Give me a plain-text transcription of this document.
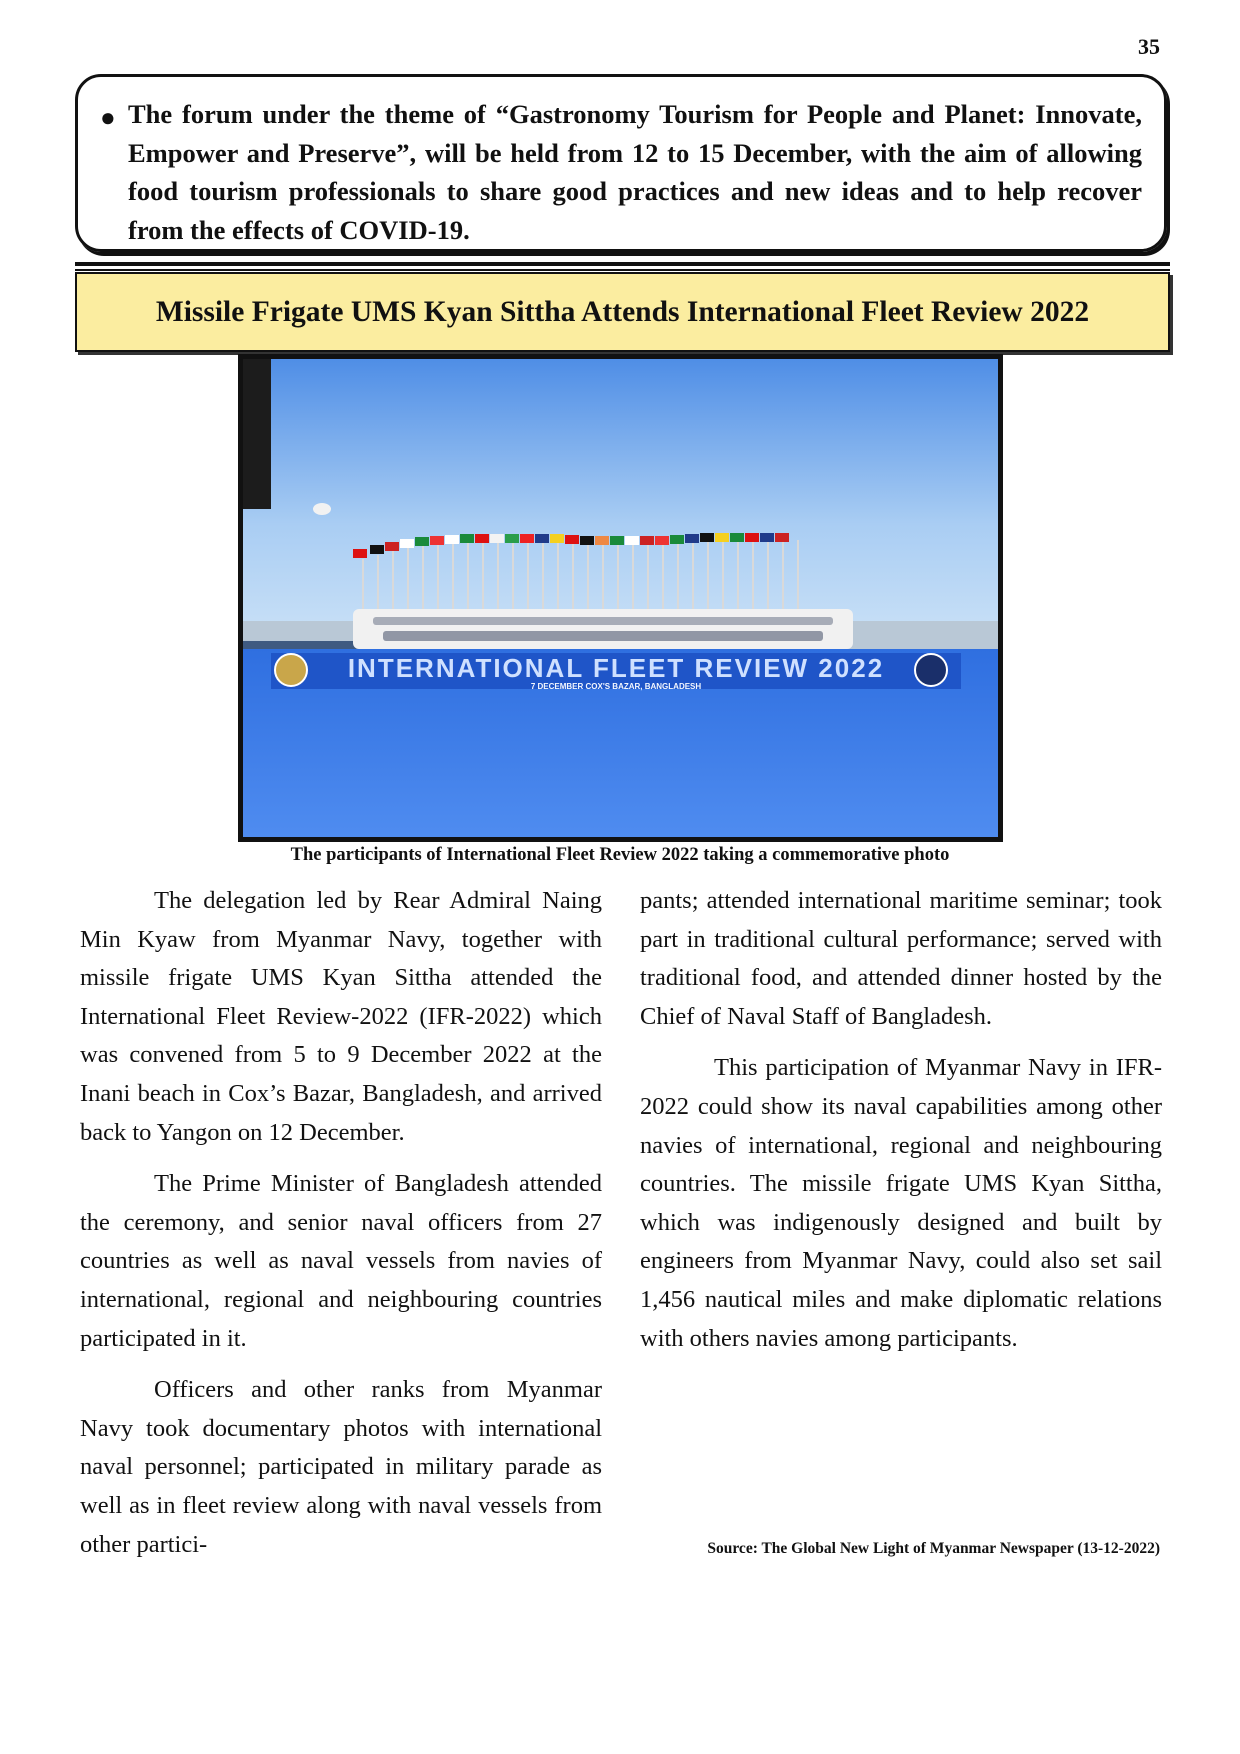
35
● The forum under the theme of “Gastronomy Tourism for People and Planet: Innovate, Empower and Preserve”, will be held from 12 to 15 December, with the aim of allowing food tourism professionals to share good practices and new ideas and to help recover from the effects of COVID-19.

Missile Frigate UMS Kyan Sittha Attends International Fleet Review 2022
INTERNATIONAL FLEET REVIEW 2022
7 DECEMBER COX'S BAZAR, BANGLADESH
The participants of International Fleet Review 2022 taking a commemorative photo

The delegation led by Rear Admiral Naing Min Kyaw from Myanmar Navy, together with missile frigate UMS Kyan Sittha attended the International Fleet Review-2022 (IFR-2022) which was convened from 5 to 9 December 2022 at the Inani beach in Cox’s Bazar, Bangladesh, and arrived back to Yangon on 12 December.

The Prime Minister of Bangladesh attended the ceremony, and senior naval officers from 27 countries as well as naval vessels from navies of international, regional and neighbouring countries participated in it.

Officers and other ranks from Myanmar Navy took documentary photos with international naval personnel; participated in military parade as well as in fleet review along with naval vessels from other partici-

pants; attended international maritime seminar; took part in traditional cultural performance; served with traditional food, and attended dinner hosted by the Chief of Naval Staff of Bangladesh.

This participation of Myanmar Navy in IFR-2022 could show its naval capabilities among other navies of international, regional and neighbouring countries. The missile frigate UMS Kyan Sittha, which was indigenously designed and built by engineers from Myanmar Navy, could also set sail 1,456 nautical miles and make diplomatic relations with others navies among participants.

Source: The Global New Light of Myanmar Newspaper (13-12-2022)
